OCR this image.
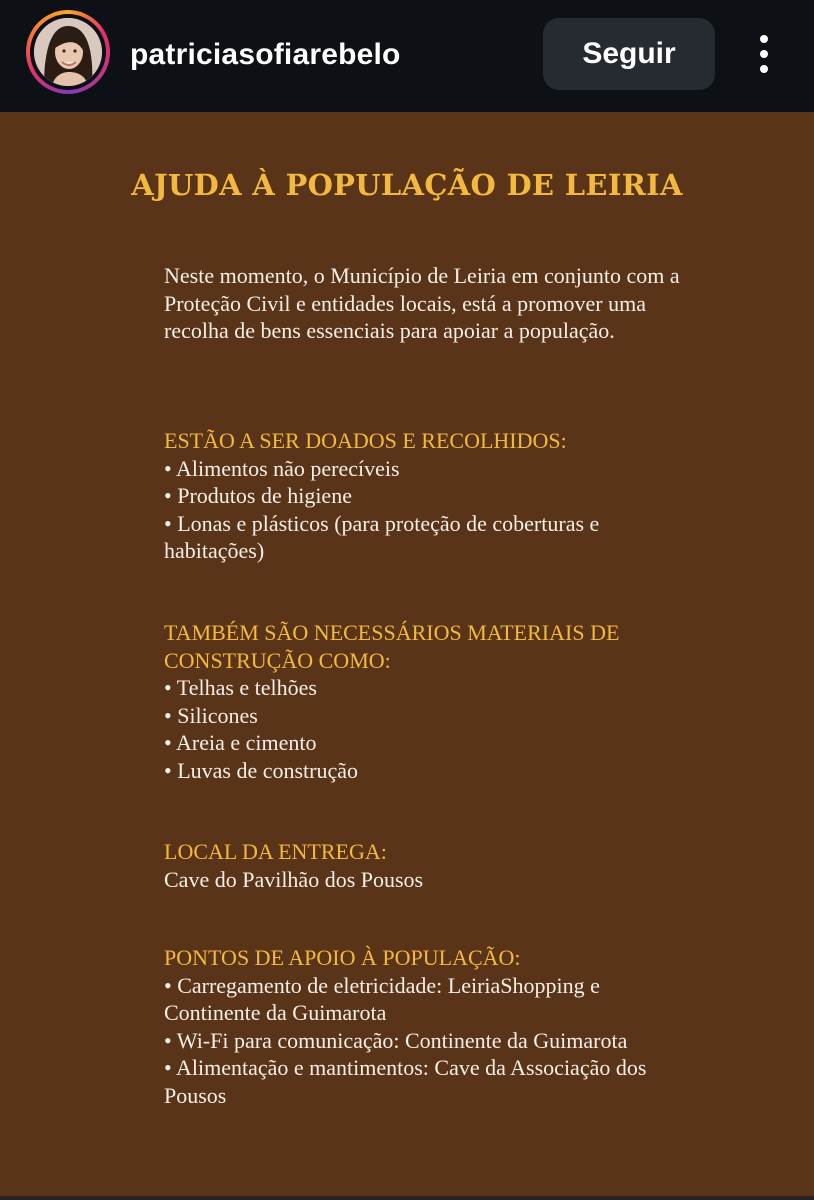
patriciasofiarebelo	Seguir
AJUDA À POPULAÇÃO DE LEIRIA

Neste momento, o Município de Leiria em conjunto com a Proteção Civil e entidades locais, está a promover uma recolha de bens essenciais para apoiar a população.

ESTÃO A SER DOADOS E RECOLHIDOS:

• Alimentos não perecíveis

• Produtos de higiene

• Lonas e plásticos (para proteção de coberturas e habitações)

TAMBÉM SÃO NECESSÁRIOS MATERIAIS DE CONSTRUÇÃO COMO:

• Telhas e telhões

• Silicones

• Areia e cimento

• Luvas de construção

LOCAL DA ENTREGA:

Cave do Pavilhão dos Pousos

PONTOS DE APOIO À POPULAÇÃO:

• Carregamento de eletricidade: LeiriaShopping e Continente da Guimarota

• Wi-Fi para comunicação: Continente da Guimarota

• Alimentação e mantimentos: Cave da Associação dos Pousos
